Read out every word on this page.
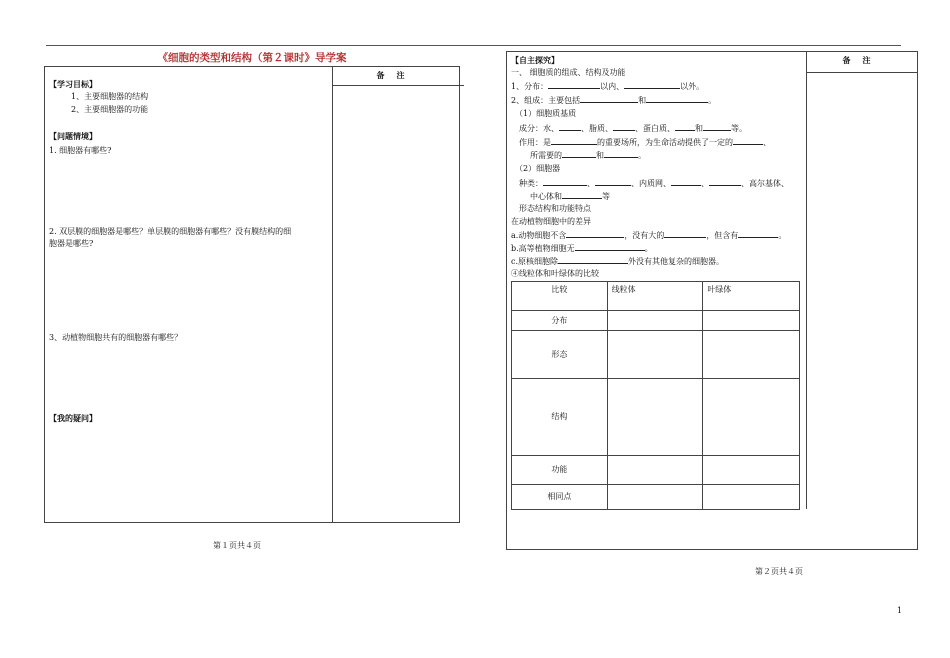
《细胞的类型和结构（第２课时》导学案
备注
【学习目标】
1、主要细胞器的结构
2、主要细胞器的功能
【问题情境】
1. 细胞器有哪些?
2. 双层膜的细胞器是哪些？单层膜的细胞器有哪些？没有膜结构的细
胞器是哪些?
3、动植物细胞共有的细胞器有哪些？
【我的疑问】
第１页共４页
备注
【自主探究】
一、 细胞质的组成、结构及功能
1、分布：	以内、	以外。
2、组成：主要包括	和	。
（1）细胞质基质
成分：水、	、脂质、	、蛋白质、	和	等。
作用：是	的重要场所，为生命活动提供了一定的	、
所需要的	和	。
（2）细胞器
种类：	、	、内质网、	、	、高尔基体、
中心体和	等
形态结构和功能特点
在动植物细胞中的差异
a.动物细胞不含	，没有大的	，但含有	。
b.高等植物细胞无	。
c.原核细胞除	外没有其他复杂的细胞器。
④线粒体和叶绿体的比较
比较	线粒体	叶绿体
分布		
形态		
结构		
功能		
相同点		
第２页共４页
1
